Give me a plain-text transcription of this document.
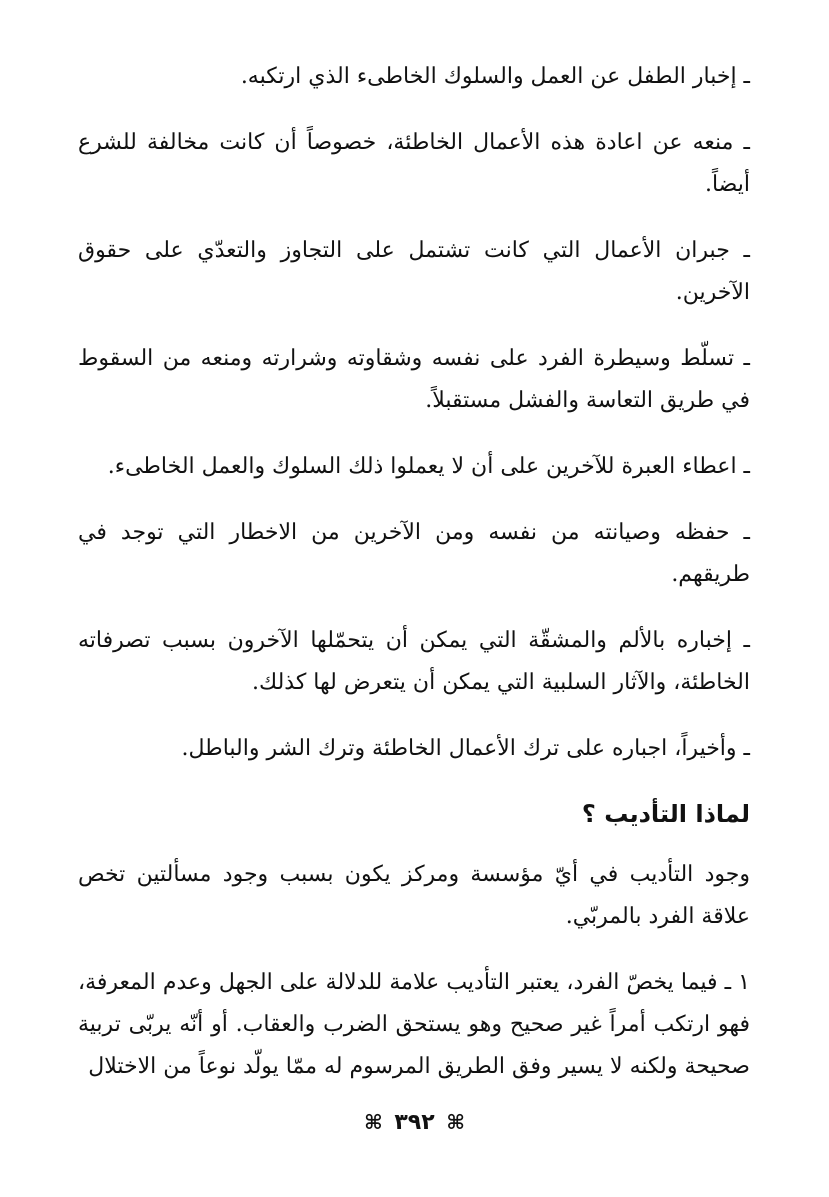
ـ إخبار الطفل عن العمل والسلوك الخاطىء الذي ارتكبه.

ـ منعه عن اعادة هذه الأعمال الخاطئة، خصوصاً أن كانت مخالفة للشرع أيضاً.

ـ جبران الأعمال التي كانت تشتمل على التجاوز والتعدّي على حقوق الآخرين.

ـ تسلّط وسيطرة الفرد على نفسه وشقاوته وشرارته ومنعه من السقوط في طريق التعاسة والفشل مستقبلاً.

ـ اعطاء العبرة للآخرين على أن لا يعملوا ذلك السلوك والعمل الخاطىء.

ـ حفظه وصيانته من نفسه ومن الآخرين من الاخطار التي توجد في طريقهم.

ـ إخباره بالألم والمشقّة التي يمكن أن يتحمّلها الآخرون بسبب تصرفاته الخاطئة، والآثار السلبية التي يمكن أن يتعرض لها كذلك.

ـ وأخيراً، اجباره على ترك الأعمال الخاطئة وترك الشر والباطل.

لماذا التأديب ؟

وجود التأديب في أيّ مؤسسة ومركز يكون بسبب وجود مسألتين تخص علاقة الفرد بالمربّي.

١ ـ فيما يخصّ الفرد، يعتبر التأديب علامة للدلالة على الجهل وعدم المعرفة، فهو ارتكب أمراً غير صحيح وهو يستحق الضرب والعقاب. أو أنّه يربّى تربية صحيحة ولكنه لا يسير وفق الطريق المرسوم له ممّا يولّد نوعاً من الاختلال

⌘ ٣٩٢ ⌘
